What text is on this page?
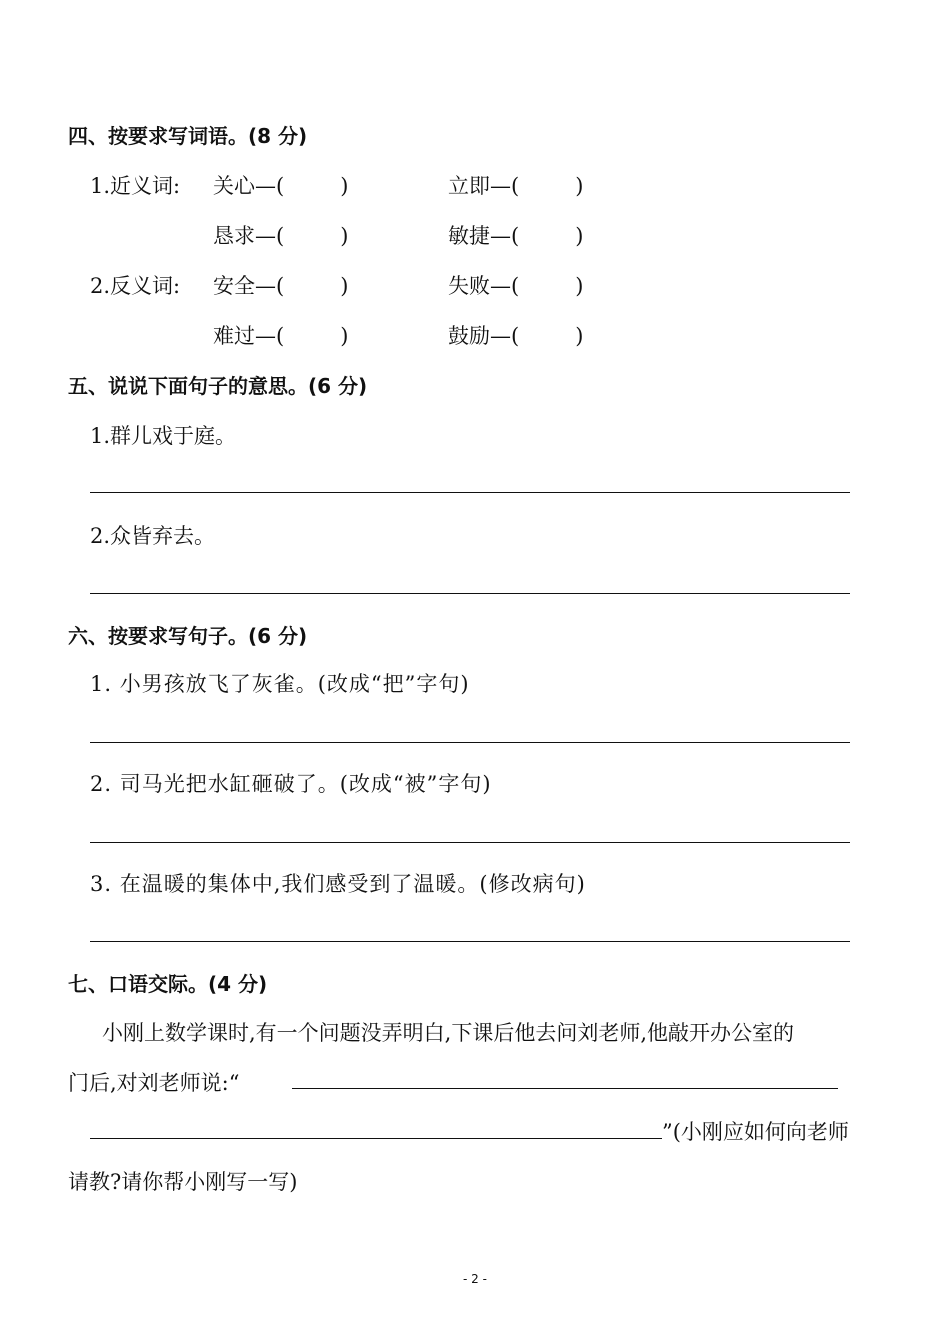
四、按要求写词语。(8 分)
1.近义词: 关心—(	)	立即—(	)
恳求—(	)	敏捷—(	)
2.反义词: 安全—(	)	失败—(	)
难过—(	)	鼓励—(	)
五、说说下面句子的意思。(6 分)
1.群儿戏于庭。
2.众皆弃去。
六、按要求写句子。(6 分)
1. 小男孩放飞了灰雀。(改成“把”字句)
2. 司马光把水缸砸破了。(改成“被”字句)
3. 在温暖的集体中,我们感受到了温暖。(修改病句)
七、口语交际。(4 分)
小刚上数学课时,有一个问题没弄明白,下课后他去问刘老师,他敲开办公室的
门后,对刘老师说:“
”(小刚应如何向老师
请教?请你帮小刚写一写)
- 2 -
